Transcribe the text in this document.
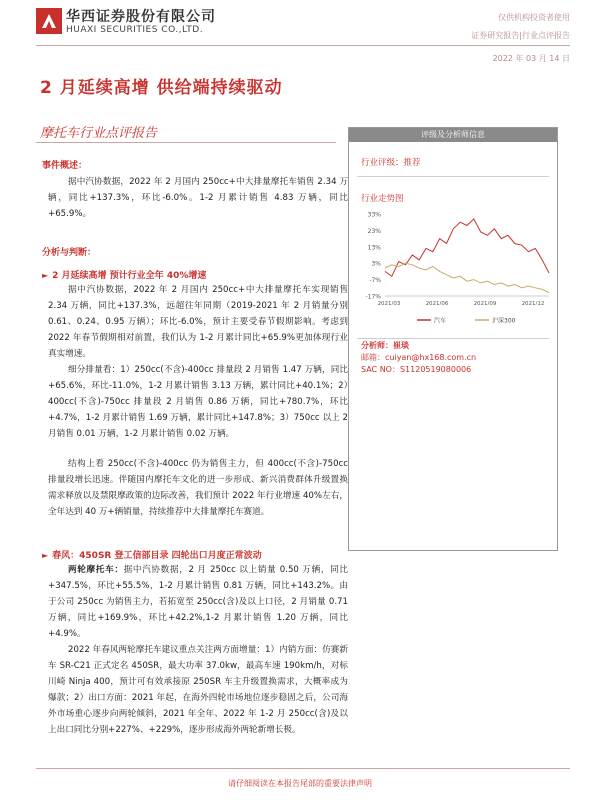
华西证券股份有限公司
HUAXI SECURITIES CO.,LTD.
仅供机构投资者使用
证券研究报告|行业点评报告
2022 年 03 月 14 日
2 月延续高增 供给端持续驱动
摩托车行业点评报告
事件概述：
据中汽协数据，2022 年 2 月国内 250cc+中大排量摩托车销售 2.34 万辆，同比+137.3%，环比-6.0%。1-2 月累计销售 4.83 万辆，同比+65.9%。
分析与判断：
► 2 月延续高增 预计行业全年 40%增速
据中汽协数据，2022 年 2 月国内 250cc+中大排量摩托车实现销售 2.34 万辆，同比+137.3%，远超往年同期（2019-2021 年 2 月销量分别 0.61、0.24、0.95 万辆）；环比-6.0%，预计主要受春节假期影响。考虑到 2022 年春节假期相对前置，我们认为 1-2 月累计同比+65.9%更加体现行业真实增速。
细分排量看：1）250cc(不含)-400cc 排量段 2 月销售 1.47 万辆，同比+65.6%，环比-11.0%，1-2 月累计销售 3.13 万辆，累计同比+40.1%；2）400cc(不含)-750cc 排量段 2 月销售 0.86 万辆，同比+780.7%，环比+4.7%，1-2 月累计销售 1.69 万辆，累计同比+147.8%；3）750cc 以上 2 月销售 0.01 万辆，1-2 月累计销售 0.02 万辆。
结构上看 250cc(不含)-400cc 仍为销售主力，但 400cc(不含)-750cc 排量段增长迅速。伴随国内摩托车文化的进一步形成、新兴消费群体升级置换需求释放以及禁限摩政策的边际改善，我们预计 2022 年行业增速 40%左右，全年达到 40 万+辆销量，持续推荐中大排量摩托车赛道。
► 春风：450SR 登工信部目录 四轮出口月度正常波动
两轮摩托车：据中汽协数据，2 月 250cc 以上销量 0.50 万辆，同比+347.5%，环比+55.5%，1-2 月累计销售 0.81 万辆，同比+143.2%。由于公司 250cc 为销售主力，若拓宽至 250cc(含)及以上口径，2 月销量 0.71 万辆，同比+169.9%，环比+42.2%,1-2 月累计销售 1.20 万辆，同比+4.9%。
2022 年春风两轮摩托车建议重点关注两方面增量：1）内销方面：仿赛新车 SR-C21 正式定名 450SR，最大功率 37.0kw，最高车速 190km/h，对标川崎 Ninja 400，预计可有效承接原 250SR 车主升级置换需求，大概率成为爆款；2）出口方面：2021 年起，在海外四轮市场地位逐步稳固之后，公司海外市场重心逐步向两轮倾斜，2021 年全年、2022 年 1-2 月 250cc(含)及以上出口同比分别+227%、+229%，逐步形成海外两轮新增长极。
评级及分析师信息
行业评级：推荐
行业走势图
33%
23%
13%
3%
-7%
-17%
2021/03	2021/06	2021/09	2021/12
汽车	沪深300
分析师：崔琰
邮箱：cuiyan@hx168.com.cn
SAC NO：S1120519080006
请仔细阅读在本报告尾部的重要法律声明
